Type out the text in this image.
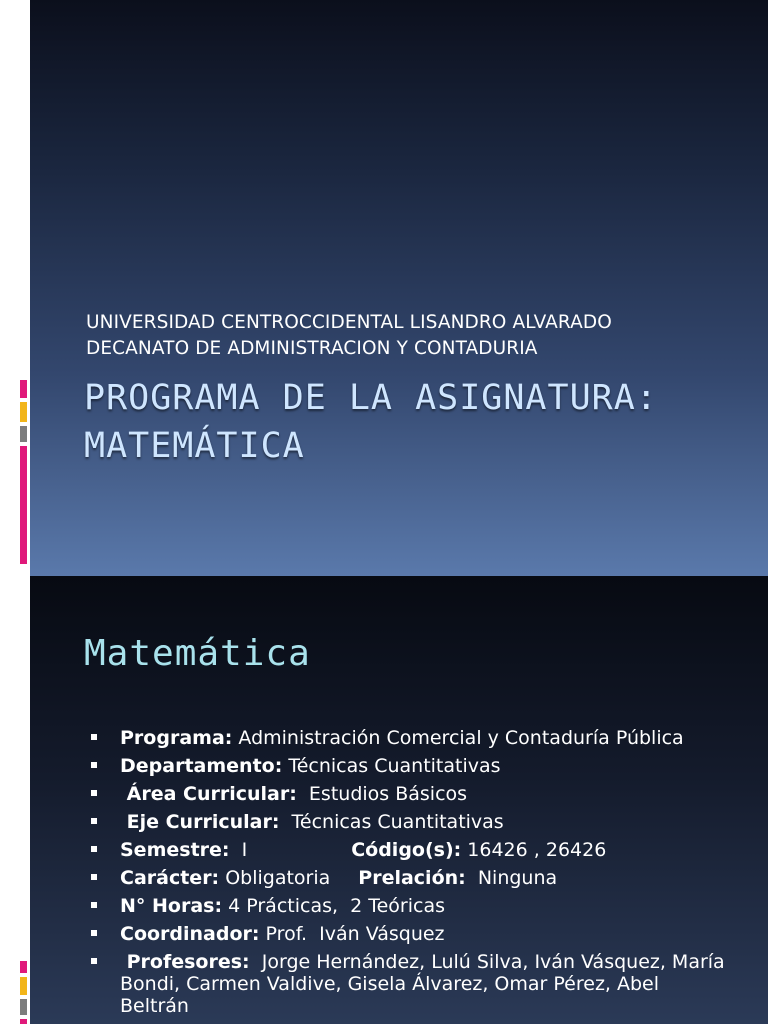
UNIVERSIDAD CENTROCCIDENTAL LISANDRO ALVARADO
DECANATO DE ADMINISTRACION Y CONTADURIA
PROGRAMA DE LA ASIGNATURA:
MATEMÁTICA
Matemática
Programa: Administración Comercial y Contaduría Pública
Departamento: Técnicas Cuantitativas
Área Curricular:  Estudios Básicos
Eje Curricular:  Técnicas Cuantitativas
Semestre:  I	Código(s): 16426 , 26426
Carácter: Obligatoria Prelación:  Ninguna
N° Horas: 4 Prácticas,  2 Teóricas
Coordinador: Prof.  Iván Vásquez
Profesores:  Jorge Hernández, Lulú Silva, Iván Vásquez, María Bondi, Carmen Valdive, Gisela Álvarez, Omar Pérez, Abel Beltrán
